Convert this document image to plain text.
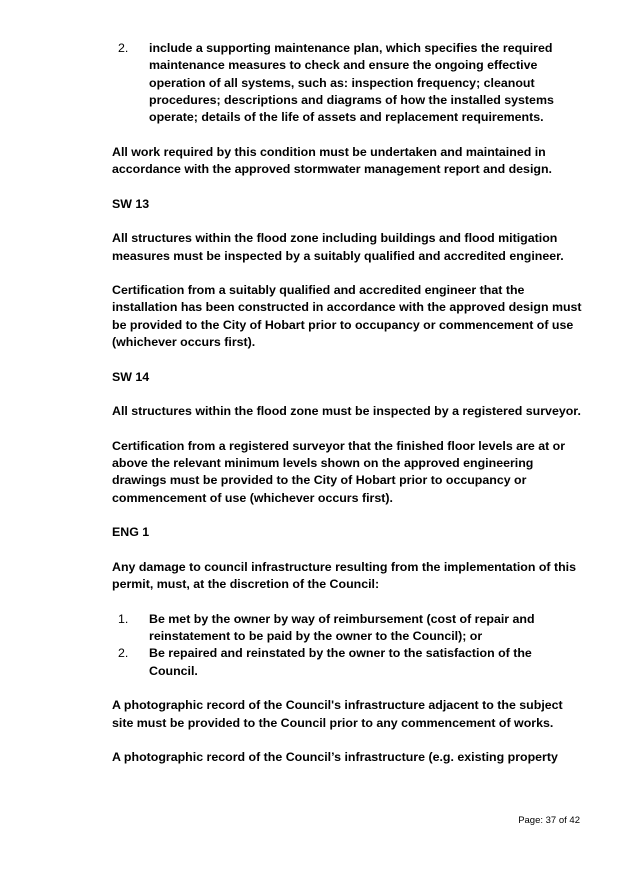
2.	include a supporting maintenance plan, which specifies the required maintenance measures to check and ensure the ongoing effective operation of all systems, such as: inspection frequency; cleanout procedures; descriptions and diagrams of how the installed systems operate; details of the life of assets and replacement requirements.

All work required by this condition must be undertaken and maintained in accordance with the approved stormwater management report and design.

SW 13

All structures within the flood zone including buildings and flood mitigation measures must be inspected by a suitably qualified and accredited engineer.

Certification from a suitably qualified and accredited engineer that the installation has been constructed in accordance with the approved design must be provided to the City of Hobart prior to occupancy or commencement of use (whichever occurs first).

SW 14

All structures within the flood zone must be inspected by a registered surveyor.

Certification from a registered surveyor that the finished floor levels are at or above the relevant minimum levels shown on the approved engineering drawings must be provided to the City of Hobart prior to occupancy or commencement of use (whichever occurs first).

ENG 1

Any damage to council infrastructure resulting from the implementation of this permit, must, at the discretion of the Council:

1.	Be met by the owner by way of reimbursement (cost of repair and reinstatement to be paid by the owner to the Council); or
2.	Be repaired and reinstated by the owner to the satisfaction of the Council.

A photographic record of the Council's infrastructure adjacent to the subject site must be provided to the Council prior to any commencement of works.

A photographic record of the Council’s infrastructure (e.g. existing property

Page: 37 of 42
